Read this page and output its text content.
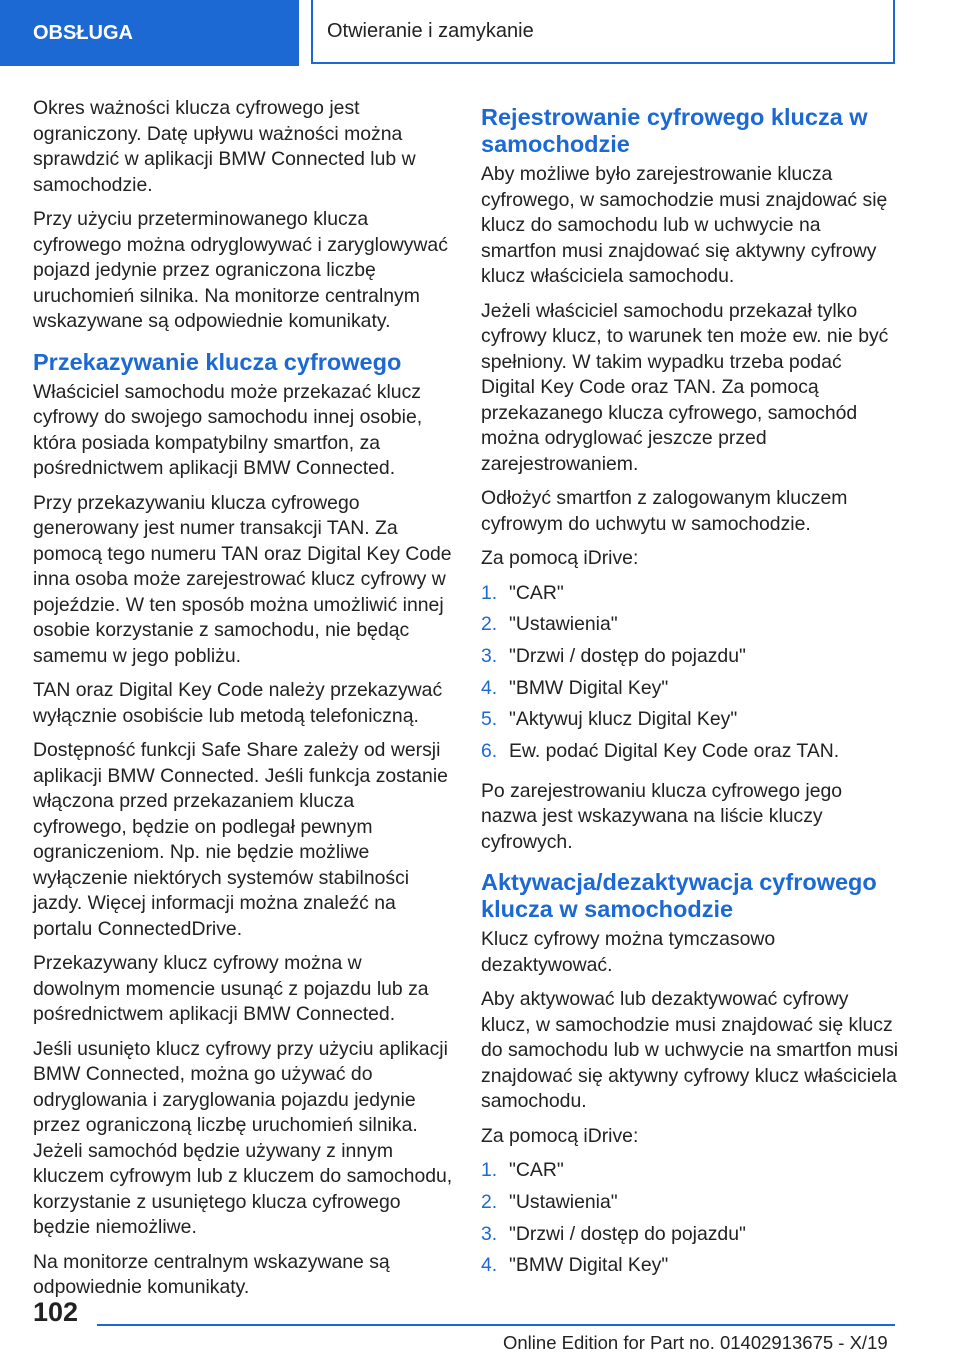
OBSŁUGA	Otwieranie i zamykanie

Okres ważności klucza cyfrowego jest ograniczony. Datę upływu ważności można sprawdzić w aplikacji BMW Connected lub w samochodzie.

Przy użyciu przeterminowanego klucza cyfrowego można odryglowywać i zaryglowywać pojazd jedynie przez ograniczona liczbę uruchomień silnika. Na monitorze centralnym wskazywane są odpowiednie komunikaty.

Przekazywanie klucza cyfrowego

Właściciel samochodu może przekazać klucz cyfrowy do swojego samochodu innej osobie, która posiada kompatybilny smartfon, za pośrednictwem aplikacji BMW Connected.

Przy przekazywaniu klucza cyfrowego generowany jest numer transakcji TAN. Za pomocą tego numeru TAN oraz Digital Key Code inna osoba może zarejestrować klucz cyfrowy w pojeździe. W ten sposób można umożliwić innej osobie korzystanie z samochodu, nie będąc samemu w jego pobliżu.

TAN oraz Digital Key Code należy przekazywać wyłącznie osobiście lub metodą telefoniczną.

Dostępność funkcji Safe Share zależy od wersji aplikacji BMW Connected. Jeśli funkcja zostanie włączona przed przekazaniem klucza cyfrowego, będzie on podlegał pewnym ograniczeniom. Np. nie będzie możliwe wyłączenie niektórych systemów stabilności jazdy. Więcej informacji można znaleźć na portalu ConnectedDrive.

Przekazywany klucz cyfrowy można w dowolnym momencie usunąć z pojazdu lub za pośrednictwem aplikacji BMW Connected.

Jeśli usunięto klucz cyfrowy przy użyciu aplikacji BMW Connected, można go używać do odryglowania i zaryglowania pojazdu jedynie przez ograniczoną liczbę uruchomień silnika. Jeżeli samochód będzie używany z innym kluczem cyfrowym lub z kluczem do samochodu, korzystanie z usuniętego klucza cyfrowego będzie niemożliwe.

Na monitorze centralnym wskazywane są odpowiednie komunikaty.

Rejestrowanie cyfrowego klucza w samochodzie

Aby możliwe było zarejestrowanie klucza cyfrowego, w samochodzie musi znajdować się klucz do samochodu lub w uchwycie na smartfon musi znajdować się aktywny cyfrowy klucz właściciela samochodu.

Jeżeli właściciel samochodu przekazał tylko cyfrowy klucz, to warunek ten może ew. nie być spełniony. W takim wypadku trzeba podać Digital Key Code oraz TAN. Za pomocą przekazanego klucza cyfrowego, samochód można odryglować jeszcze przed zarejestrowaniem.

Odłożyć smartfon z zalogowanym kluczem cyfrowym do uchwytu w samochodzie.

Za pomocą iDrive:

1. "CAR"
2. "Ustawienia"
3. "Drzwi / dostęp do pojazdu"
4. "BMW Digital Key"
5. "Aktywuj klucz Digital Key"
6. Ew. podać Digital Key Code oraz TAN.

Po zarejestrowaniu klucza cyfrowego jego nazwa jest wskazywana na liście kluczy cyfrowych.

Aktywacja/dezaktywacja cyfrowego klucza w samochodzie

Klucz cyfrowy można tymczasowo dezaktywować.

Aby aktywować lub dezaktywować cyfrowy klucz, w samochodzie musi znajdować się klucz do samochodu lub w uchwycie na smartfon musi znajdować się aktywny cyfrowy klucz właściciela samochodu.

Za pomocą iDrive:

1. "CAR"
2. "Ustawienia"
3. "Drzwi / dostęp do pojazdu"
4. "BMW Digital Key"
102
Online Edition for Part no. 01402913675 - X/19
